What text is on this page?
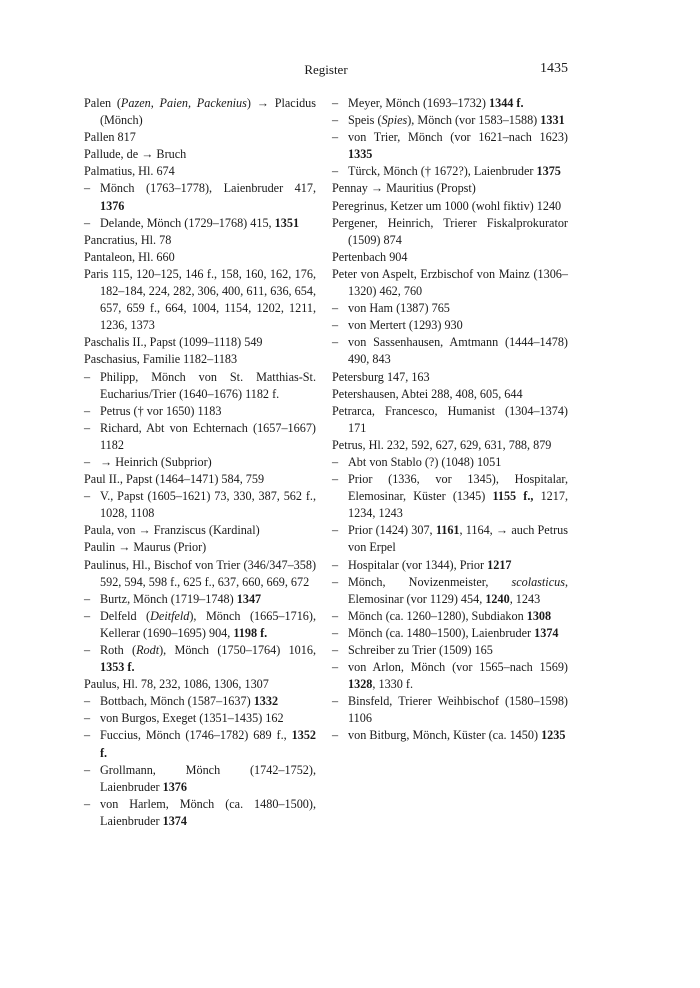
Register	1435
Palen (Pazen, Paien, Packenius) → Placidus (Mönch)
Pallen 817
Pallude, de → Bruch
Palmatius, Hl. 674
– Mönch (1763–1778), Laienbruder 417, 1376
– Delande, Mönch (1729–1768) 415, 1351
Pancratius, Hl. 78
Pantaleon, Hl. 660
Paris 115, 120–125, 146 f., 158, 160, 162, 176, 182–184, 224, 282, 306, 400, 611, 636, 654, 657, 659 f., 664, 1004, 1154, 1202, 1211, 1236, 1373
Paschalis II., Papst (1099–1118) 549
Paschasius, Familie 1182–1183
– Philipp, Mönch von St. Matthias-St. Eucharius/Trier (1640–1676) 1182 f.
– Petrus († vor 1650) 1183
– Richard, Abt von Echternach (1657–1667) 1182
– → Heinrich (Subprior)
Paul II., Papst (1464–1471) 584, 759
– V., Papst (1605–1621) 73, 330, 387, 562 f., 1028, 1108
Paula, von → Franziscus (Kardinal)
Paulin → Maurus (Prior)
Paulinus, Hl., Bischof von Trier (346/347–358) 592, 594, 598 f., 625 f., 637, 660, 669, 672
– Burtz, Mönch (1719–1748) 1347
– Delfeld (Deitfeld), Mönch (1665–1716), Kellerar (1690–1695) 904, 1198 f.
– Roth (Rodt), Mönch (1750–1764) 1016, 1353 f.
Paulus, Hl. 78, 232, 1086, 1306, 1307
– Bottbach, Mönch (1587–1637) 1332
– von Burgos, Exeget (1351–1435) 162
– Fuccius, Mönch (1746–1782) 689 f., 1352 f.
– Grollmann, Mönch (1742–1752), Laienbruder 1376
– von Harlem, Mönch (ca. 1480–1500), Laienbruder 1374
– Meyer, Mönch (1693–1732) 1344 f.
– Speis (Spies), Mönch (vor 1583–1588) 1331
– von Trier, Mönch (vor 1621–nach 1623) 1335
– Türck, Mönch († 1672?), Laienbruder 1375
Pennay → Mauritius (Propst)
Peregrinus, Ketzer um 1000 (wohl fiktiv) 1240
Pergener, Heinrich, Trierer Fiskalprokurator (1509) 874
Pertenbach 904
Peter von Aspelt, Erzbischof von Mainz (1306–1320) 462, 760
– von Ham (1387) 765
– von Mertert (1293) 930
– von Sassenhausen, Amtmann (1444–1478) 490, 843
Petersburg 147, 163
Petershausen, Abtei 288, 408, 605, 644
Petrarca, Francesco, Humanist (1304–1374) 171
Petrus, Hl. 232, 592, 627, 629, 631, 788, 879
– Abt von Stablo (?) (1048) 1051
– Prior (1336, vor 1345), Hospitalar, Elemosinar, Küster (1345) 1155 f., 1217, 1234, 1243
– Prior (1424) 307, 1161, 1164, → auch Petrus von Erpel
– Hospitalar (vor 1344), Prior 1217
– Mönch, Novizenmeister, scolasticus, Elemosinar (vor 1129) 454, 1240, 1243
– Mönch (ca. 1260–1280), Subdiakon 1308
– Mönch (ca. 1480–1500), Laienbruder 1374
– Schreiber zu Trier (1509) 165
– von Arlon, Mönch (vor 1565–nach 1569) 1328, 1330 f.
– Binsfeld, Trierer Weihbischof (1580–1598) 1106
– von Bitburg, Mönch, Küster (ca. 1450) 1235
